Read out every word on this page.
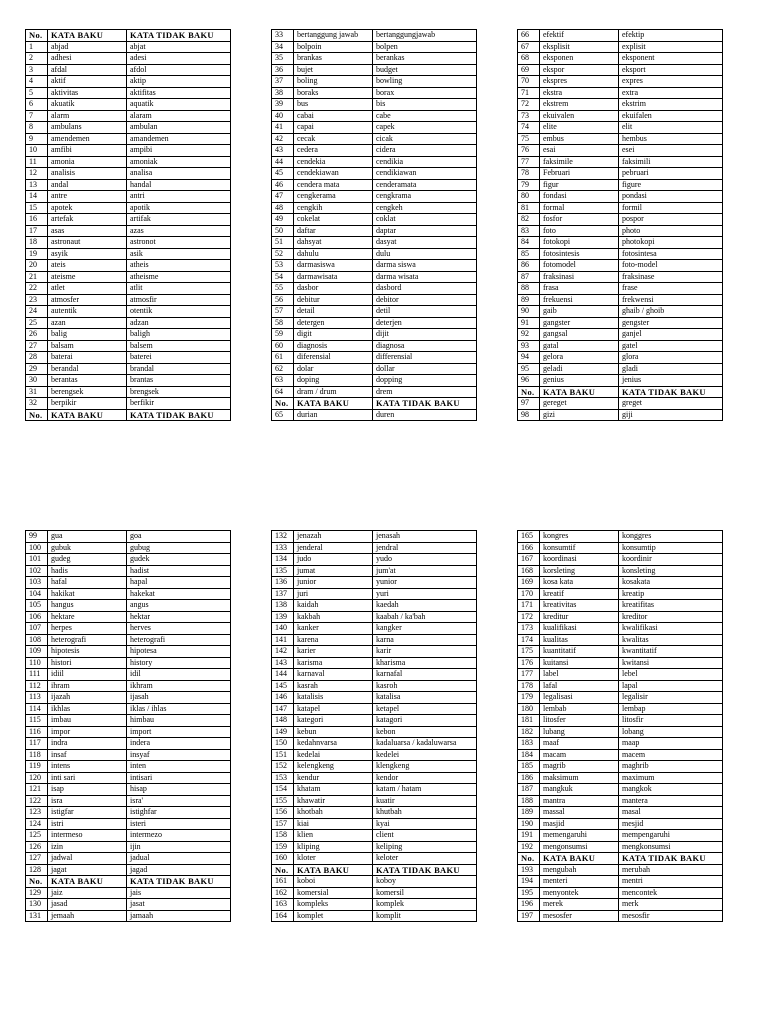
No.	KATA BAKU	KATA TIDAK BAKU
1	abjad	abjat
2	adhesi	adesi
3	afdal	afdol
4	aktif	aktip
5	aktivitas	aktifitas
6	akuatik	aquatik
7	alarm	alaram
8	ambulans	ambulan
9	amendemen	amandemen
10	amfibi	ampibi
11	amonia	amoniak
12	analisis	analisa
13	andal	handal
14	antre	antri
15	apotek	apotik
16	artefak	artifak
17	asas	azas
18	astronaut	astronot
19	asyik	asik
20	ateis	atheis
21	ateisme	atheisme
22	atlet	atlit
23	atmosfer	atmosfir
24	autentik	otentik
25	azan	adzan
26	balig	baligh
27	balsam	balsem
28	baterai	baterei
29	berandal	brandal
30	berantas	brantas
31	berengsek	brengsek
32	berpikir	berfikir
No.	KATA BAKU	KATA TIDAK BAKU
33	bertanggung jawab	bertanggungjawab
34	bolpoin	bolpen
35	brankas	berankas
36	bujet	budget
37	boling	bowling
38	boraks	borax
39	bus	bis
40	cabai	cabe
41	capai	capek
42	cecak	cicak
43	cedera	cidera
44	cendekia	cendikia
45	cendekiawan	cendikiawan
46	cendera mata	cenderamata
47	cengkerama	cengkrama
48	cengkih	cengkeh
49	cokelat	coklat
50	daftar	daptar
51	dahsyat	dasyat
52	dahulu	dulu
53	darmasiswa	darma siswa
54	darmawisata	darma wisata
55	dasbor	dasbord
56	debitur	debitor
57	detail	detil
58	detergen	deterjen
59	digit	dijit
60	diagnosis	diagnosa
61	diferensial	differensial
62	dolar	dollar
63	doping	dopping
64	dram / drum	drem
No.	KATA BAKU	KATA TIDAK BAKU
65	durian	duren
66	efektif	efektip
67	eksplisit	explisit
68	eksponen	eksponent
69	ekspor	eksport
70	ekspres	expres
71	ekstra	extra
72	ekstrem	ekstrim
73	ekuivalen	ekuifalen
74	elite	elit
75	embus	hembus
76	esai	esei
77	faksimile	faksimili
78	Februari	pebruari
79	figur	figure
80	fondasi	pondasi
81	formal	formil
82	fosfor	pospor
83	foto	photo
84	fotokopi	photokopi
85	fotosintesis	fotosintesa
86	fotomodel	foto-model
87	fraksinasi	fraksinase
88	frasa	frase
89	frekuensi	frekwensi
90	gaib	ghaib / ghoib
91	gangster	gengster
92	gangsal	ganjel
93	gatal	gatel
94	gelora	glora
95	geladi	gladi
96	genius	jenius
No.	KATA BAKU	KATA TIDAK BAKU
97	gereget	greget
98	gizi	giji
99	gua	goa
100	gubuk	gubug
101	gudeg	gudek
102	hadis	hadist
103	hafal	hapal
104	hakikat	hakekat
105	hangus	angus
106	hektare	hektar
107	herpes	herves
108	heterografi	heterografi
109	hipotesis	hipotesa
110	histori	history
111	idiil	idil
112	ihram	ikhram
113	ijazah	ijasah
114	ikhlas	iklas / ihlas
115	imbau	himbau
116	impor	import
117	indra	indera
118	insaf	insyaf
119	intens	inten
120	inti sari	intisari
121	isap	hisap
122	isra	isra'
123	istigfar	istighfar
124	istri	isteri
125	intermeso	intermezo
126	izin	ijin
127	jadwal	jadual
128	jagat	jagad
No.	KATA BAKU	KATA TIDAK BAKU
129	jaiz	jais
130	jasad	jasat
131	jemaah	jamaah
132	jenazah	jenasah
133	jenderal	jendral
134	judo	yudo
135	jumat	jum'at
136	junior	yunior
137	juri	yuri
138	kaidah	kaedah
139	kakbah	kaabah / ka'bah
140	kanker	kangker
141	karena	karna
142	karier	karir
143	karisma	kharisma
144	karnaval	karnafal
145	kasrah	kasroh
146	katalisis	katalisa
147	katapel	ketapel
148	kategori	katagori
149	kebun	kebon
150	kedahnvarsa	kadaluarsa / kadaluwarsa
151	kedelai	kedelei
152	kelengkeng	klengkeng
153	kendur	kendor
154	khatam	katam / hatam
155	khawatir	kuatir
156	khotbah	khutbah
157	kiai	kyai
158	klien	client
159	kliping	keliping
160	kloter	keloter
No.	KATA BAKU	KATA TIDAK BAKU
161	koboi	koboy
162	komersial	komersil
163	kompleks	komplek
164	komplet	komplit
165	kongres	konggres
166	konsumtif	konsumtip
167	koordinasi	koordinir
168	korsleting	konsleting
169	kosa kata	kosakata
170	kreatif	kreatip
171	kreativitas	kreatifitas
172	kreditur	kreditor
173	kualifikasi	kwalifikasi
174	kualitas	kwalitas
175	kuantitatif	kwantitatif
176	kuitansi	kwitansi
177	label	lebel
178	lafal	lapal
179	legalisasi	legalisir
180	lembab	lembap
181	litosfer	litosfir
182	lubang	lobang
183	maaf	maap
184	macam	macem
185	magrib	maghrib
186	maksimum	maximum
187	mangkuk	mangkok
188	mantra	mantera
189	massal	masal
190	masjid	mesjid
191	memengaruhi	mempengaruhi
192	mengonsumsi	mengkonsumsi
No.	KATA BAKU	KATA TIDAK BAKU
193	mengubah	merubah
194	menteri	mentri
195	menyontek	mencontek
196	merek	merk
197	mesosfer	mesosfir
